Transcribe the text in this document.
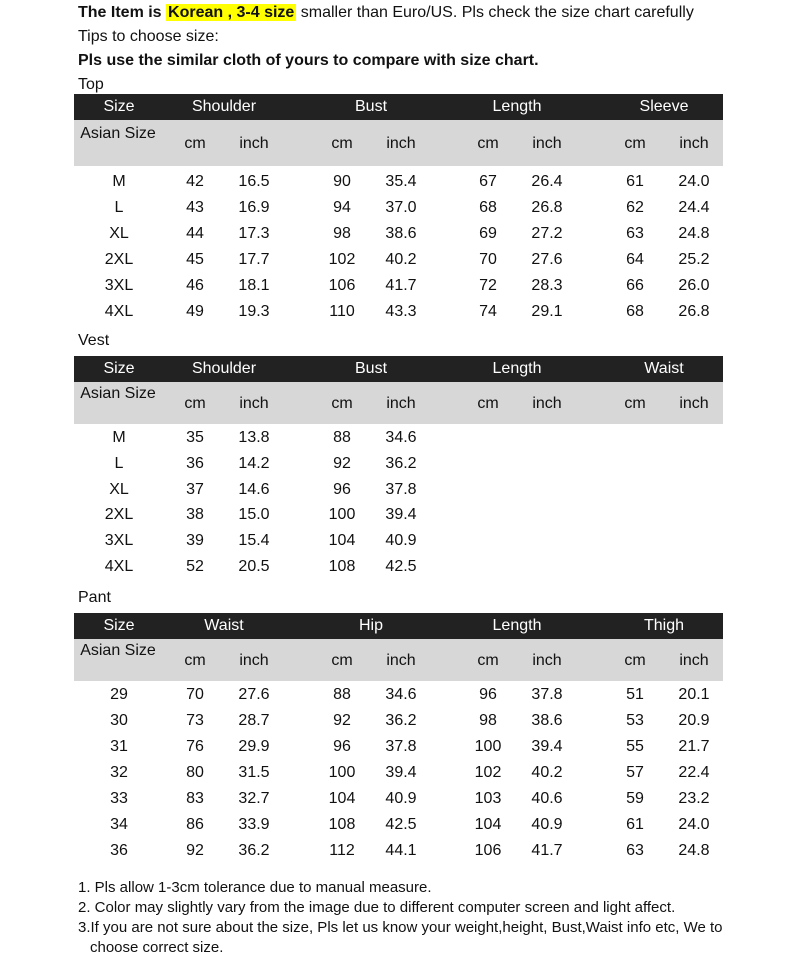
The Item is Korean , 3-4 size smaller than Euro/US. Pls check the size chart carefully
Tips to choose size:
Pls use the similar cloth of yours to compare with size chart.
Top
Size	Shoulder	Bust	Length	Sleeve
Asian Size
cm inch	cm inch	cm inch	cm inch
M	42 16.5	90 35.4	67 26.4	61 24.0
L	43 16.9	94 37.0	68 26.8	62 24.4
XL	44 17.3	98 38.6	69 27.2	63 24.8
2XL	45 17.7	102 40.2	70 27.6	64 25.2
3XL	46 18.1	106 41.7	72 28.3	66 26.0
4XL	49 19.3	110 43.3	74 29.1	68 26.8
Vest
Size	Shoulder	Bust	Length	Waist
Asian Size
cm inch	cm inch	cm inch	cm inch
M	35 13.8	88 34.6
L	36 14.2	92 36.2
XL	37 14.6	96 37.8
2XL	38 15.0	100 39.4
3XL	39 15.4	104 40.9
4XL	52 20.5	108 42.5
Pant
Size	Waist	Hip	Length	Thigh
Asian Size
cm inch	cm inch	cm inch	cm inch
29	70 27.6	88 34.6	96 37.8	51 20.1
30	73 28.7	92 36.2	98 38.6	53 20.9
31	76 29.9	96 37.8	100 39.4	55 21.7
32	80 31.5	100 39.4	102 40.2	57 22.4
33	83 32.7	104 40.9	103 40.6	59 23.2
34	86 33.9	108 42.5	104 40.9	61 24.0
36	92 36.2	112 44.1	106 41.7	63 24.8
1. Pls allow 1-3cm tolerance due to manual measure.
2. Color may slightly vary from the image due to different computer screen and light affect.
3.If you are not sure about the size, Pls let us know your weight,height, Bust,Waist info etc, We to choose correct size.
